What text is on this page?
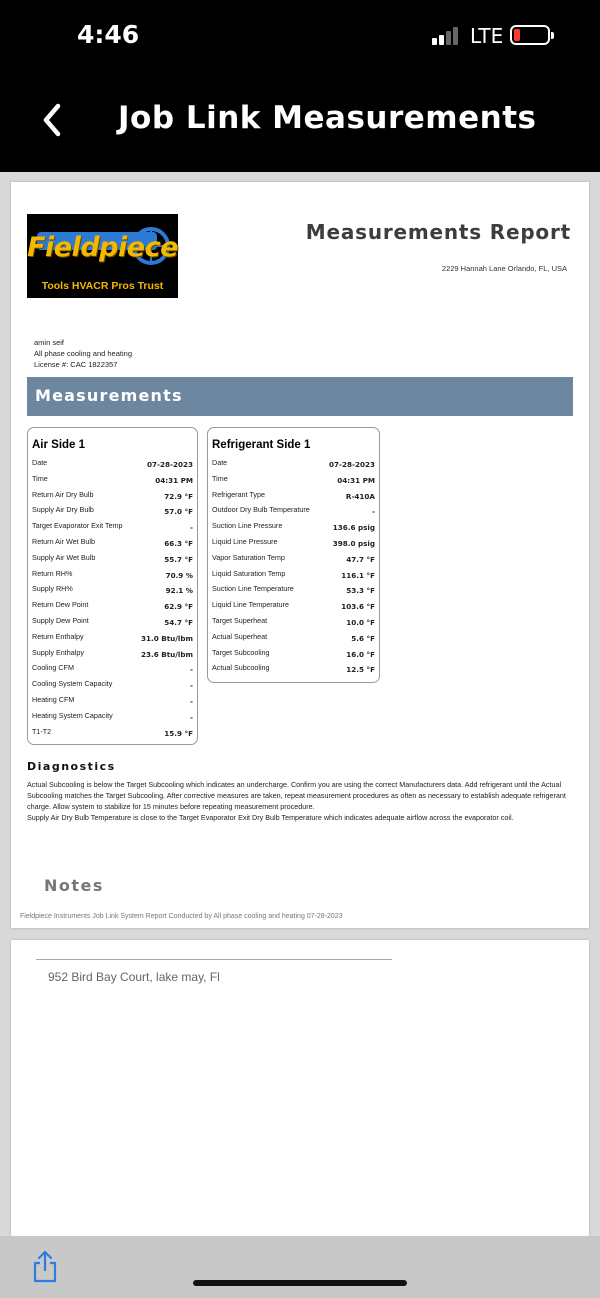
4:46	LTE
Job Link Measurements
Fieldpiece
Tools HVACR Pros Trust
Measurements Report
2229 Hannah Lane Orlando, FL, USA
amin seif
All phase cooling and heating
License #: CAC 1822357
Measurements
Air Side 1
Date	07-28-2023
Time	04:31 PM
Return Air Dry Bulb	72.9 °F
Supply Air Dry Bulb	57.0 °F
Target Evaporator Exit Temp	-
Return Air Wet Bulb	66.3 °F
Supply Air Wet Bulb	55.7 °F
Return RH%	70.9 %
Supply RH%	92.1 %
Return Dew Point	62.9 °F
Supply Dew Point	54.7 °F
Return Enthalpy	31.0 Btu/lbm
Supply Enthalpy	23.6 Btu/lbm
Cooling CFM	-
Cooling System Capacity	-
Heating CFM	-
Heating System Capacity	-
T1-T2	15.9 °F
Refrigerant Side 1
Date	07-28-2023
Time	04:31 PM
Refrigerant Type	R-410A
Outdoor Dry Bulb Temperature	-
Suction Line Pressure	136.6 psig
Liquid Line Pressure	398.0 psig
Vapor Saturation Temp	47.7 °F
Liquid Saturation Temp	116.1 °F
Suction Line Temperature	53.3 °F
Liquid Line Temperature	103.6 °F
Target Superheat	10.0 °F
Actual Superheat	5.6 °F
Target Subcooling	16.0 °F
Actual Subcooling	12.5 °F
Diagnostics
Actual Subcooling is below the Target Subcooling which indicates an undercharge. Confirm you are using the correct Manufacturers data. Add refrigerant until the Actual Subcooling matches the Target Subcooling. After corrective measures are taken, repeat measurement procedures as often as necessary to establish adequate refrigerant charge. Allow system to stabilize for 15 minutes before repeating measurement procedure.
Supply Air Dry Bulb Temperature is close to the Target Evaporator Exit Dry Bulb Temperature which indicates adequate airflow across the evaporator coil.
Notes
Fieldpiece Instruments Job Link System Report Conducted by All phase cooling and heating 07-28-2023
952 Bird Bay Court, lake may, Fl
